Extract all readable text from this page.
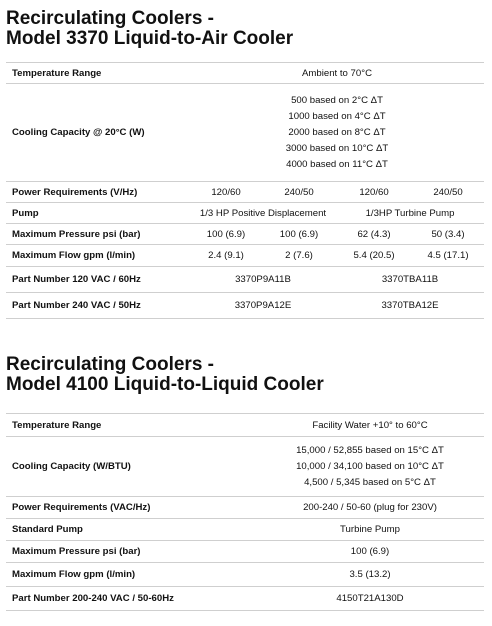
Recirculating Coolers -
Model 3370 Liquid-to-Air Cooler
Temperature Range	Ambient to 70°C			
Cooling Capacity @ 20°C (W)	500 based on 2°C ΔT
1000 based on 4°C ΔT
2000 based on 8°C ΔT
3000 based on 10°C ΔT
4000 based on 11°C ΔT			

Power Requirements (V/Hz)	120/60	240/50	120/60	240/50
Pump	1/3 HP Positive Displacement		1/3HP Turbine Pump	
Maximum Pressure psi (bar)	100 (6.9)	100 (6.9)	62 (4.3)	50 (3.4)
Maximum Flow gpm (l/min)	2.4 (9.1)	2 (7.6)	5.4 (20.5)	4.5 (17.1)
Part Number 120 VAC / 60Hz	3370P9A11B		3370TBA11B	
Part Number 240 VAC / 50Hz	3370P9A12E		3370TBA12E	
Recirculating Coolers -
Model 4100 Liquid-to-Liquid Cooler
Temperature Range	Facility Water +10° to 60°C
Cooling Capacity (W/BTU)	15,000 / 52,855 based on 15°C ΔT
10,000 / 34,100 based on 10°C ΔT
4,500 / 5,345 based on 5°C ΔT

Power Requirements (VAC/Hz)	200-240 / 50-60 (plug for 230V)
Standard Pump	Turbine Pump
Maximum Pressure psi (bar)	100 (6.9)
Maximum Flow gpm (l/min)	3.5 (13.2)
Part Number 200-240 VAC / 50-60Hz	4150T21A130D
